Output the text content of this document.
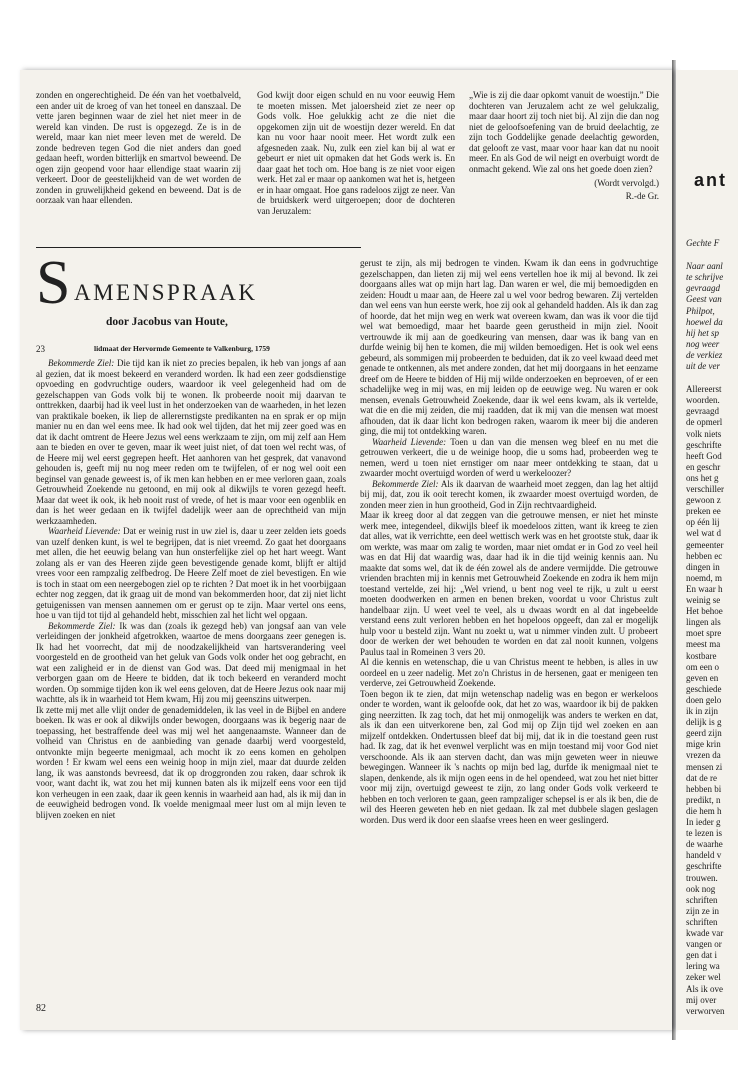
zonden en ongerechtigheid. De één van het voetbalveld, een ander uit de kroeg of van het toneel en danszaal. De vette jaren beginnen waar de ziel het niet meer in de wereld kan vinden. De rust is opgezegd. Ze is in de wereld, maar kan niet meer leven met de wereld. De zonde bedreven tegen God die niet anders dan goed gedaan heeft, worden bitterlijk en smartvol beweend. De ogen zijn geopend voor haar ellendige staat waarin zij verkeert. Door de geestelijkheid van de wet worden de zonden in gruwelijkheid gekend en beweend. Dat is de oorzaak van haar ellenden.

God kwijt door eigen schuld en nu voor eeuwig Hem te moeten missen. Met jaloersheid ziet ze neer op Gods volk. Hoe gelukkig acht ze die niet die opgekomen zijn uit de woestijn dezer wereld. En dat kan nu voor haar nooit meer. Het wordt zulk een afgesneden zaak. Nu, zulk een ziel kan bij al wat er gebeurt er niet uit opmaken dat het Gods werk is. En daar gaat het toch om. Hoe bang is ze niet voor eigen werk. Het zal er maar op aankomen wat het is, hetgeen er in haar omgaat. Hoe gans radeloos zijgt ze neer. Van de bruidskerk werd uitgeroepen; door de dochteren van Jeruzalem:

„Wie is zij die daar opkomt vanuit de woestijn.” Die dochteren van Jeruzalem acht ze wel gelukzalig, maar daar hoort zij toch niet bij. Al zijn die dan nog niet de geloofsoefening van de bruid deelachtig, ze zijn toch Goddelijke genade deelachtig geworden, dat gelooft ze vast, maar voor haar kan dat nu nooit meer. En als God de wil neigt en overbuigt wordt de onmacht gekend. Wie zal ons het goede doen zien?

(Wordt vervolgd.)

R.-de Gr.

S AMENSPRAAK
door Jacobus van Houte,
23	lidmaat der Hervormde Gemeente te Valkenburg, 1759

Bekommerde Ziel: Die tijd kan ik niet zo precies bepalen, ik heb van jongs af aan al gezien, dat ik moest bekeerd en veranderd worden. Ik had een zeer godsdienstige opvoeding en godvruchtige ouders, waardoor ik veel gelegenheid had om de gezelschappen van Gods volk bij te wonen. Ik probeerde nooit mij daarvan te onttrekken, daarbij had ik veel lust in het onderzoeken van de waarheden, in het lezen van praktikale boeken, ik liep de allerernstigste predikanten na en sprak er op mijn manier nu en dan wel eens mee. Ik had ook wel tijden, dat het mij zeer goed was en dat ik dacht omtrent de Heere Jezus wel eens werkzaam te zijn, om mij zelf aan Hem aan te bieden en over te geven, maar ik weet juist niet, of dat toen wel recht was, of de Heere mij wel eerst gegrepen heeft. Het aanhoren van het gesprek, dat vanavond gehouden is, geeft mij nu nog meer reden om te twijfelen, of er nog wel ooit een beginsel van genade geweest is, of ik men kan hebben en er mee verloren gaan, zoals Getrouwheid Zoekende nu getoond, en mij ook al dikwijls te voren gezegd heeft. Maar dat weet ik ook, ik heb nooit rust of vrede, of het is maar voor een ogenblik en dan is het weer gedaan en ik twijfel dadelijk weer aan de oprechtheid van mijn werkzaamheden.

Waarheid Lievende: Dat er weinig rust in uw ziel is, daar u zeer zelden iets goeds van uzelf denken kunt, is wel te begrijpen, dat is niet vreemd. Zo gaat het doorgaans met allen, die het eeuwig belang van hun onsterfelijke ziel op het hart weegt. Want zolang als er van des Heeren zijde geen bevestigende genade komt, blijft er altijd vrees voor een rampzalig zelfbedrog. De Heere Zelf moet de ziel bevestigen. En wie is toch in staat om een neergebogen ziel op te richten ? Dat moet ik in het voorbijgaan echter nog zeggen, dat ik graag uit de mond van bekommerden hoor, dat zij niet licht getuigenissen van mensen aannemen om er gerust op te zijn. Maar vertel ons eens, hoe u van tijd tot tijd al gehandeld hebt, misschien zal het licht wel opgaan.

Bekommerde Ziel: Ik was dan (zoals ik gezegd heb) van jongsaf aan van vele verleidingen der jonkheid afgetrokken, waartoe de mens doorgaans zeer genegen is. Ik had het voorrecht, dat mij de noodzakelijkheid van hartsverandering veel voorgesteld en de grootheid van het geluk van Gods volk onder het oog gebracht, en wat een zaligheid er in de dienst van God was. Dat deed mij menigmaal in het verborgen gaan om de Heere te bidden, dat ik toch bekeerd en veranderd mocht worden. Op sommige tijden kon ik wel eens geloven, dat de Heere Jezus ook naar mij wachtte, als ik in waarheid tot Hem kwam, Hij zou mij geenszins uitwerpen.

Ik zette mij met alle vlijt onder de genademiddelen, ik las veel in de Bijbel en andere boeken. Ik was er ook al dikwijls onder bewogen, doorgaans was ik begerig naar de toepassing, het bestraffende deel was mij wel het aangenaamste. Wanneer dan de volheid van Christus en de aanbieding van genade daarbij werd voorgesteld, ontvonkte mijn begeerte menigmaal, ach mocht ik zo eens komen en geholpen worden ! Er kwam wel eens een weinig hoop in mijn ziel, maar dat duurde zelden lang, ik was aanstonds bevreesd, dat ik op droggronden zou raken, daar schrok ik voor, want dacht ik, wat zou het mij kunnen baten als ik mijzelf eens voor een tijd kon verheugen in een zaak, daar ik geen kennis in waarheid aan had, als ik mij dan in de eeuwigheid bedrogen vond. Ik voelde menigmaal meer lust om al mijn leven te blijven zoeken en niet

gerust te zijn, als mij bedrogen te vinden. Kwam ik dan eens in godvruchtige gezelschappen, dan lieten zij mij wel eens vertellen hoe ik mij al bevond. Ik zei doorgaans alles wat op mijn hart lag. Dan waren er wel, die mij bemoedigden en zeiden: Houdt u maar aan, de Heere zal u wel voor bedrog bewaren. Zij vertelden dan wel eens van hun eerste werk, hoe zij ook al gehandeld hadden. Als ik dan zag of hoorde, dat het mijn weg en werk wat overeen kwam, dan was ik voor die tijd wel wat bemoedigd, maar het baarde geen gerustheid in mijn ziel. Nooit vertrouwde ik mij aan de goedkeuring van mensen, daar was ik bang van en durfde weinig bij hen te komen, die mij wilden bemoedigen. Het is ook wel eens gebeurd, als sommigen mij probeerden te beduiden, dat ik zo veel kwaad deed met genade te ontkennen, als met andere zonden, dat het mij doorgaans in het eenzame dreef om de Heere te bidden of Hij mij wilde onderzoeken en beproeven, of er een schadelijke weg in mij was, en mij leiden op de eeuwige weg. Nu waren er ook mensen, evenals Getrouwheid Zoekende, daar ik wel eens kwam, als ik vertelde, wat die en die mij zeiden, die mij raadden, dat ik mij van die mensen wat moest afhouden, dat ik daar licht kon bedrogen raken, waarom ik meer bij die anderen ging, die mij tot ontdekking waren.

Waarheid Lievende: Toen u dan van die mensen weg bleef en nu met die getrouwen verkeert, die u de weinige hoop, die u soms had, probeerden weg te nemen, werd u toen niet ernstiger om naar meer ontdekking te staan, dat u zwaarder mocht overtuigd worden of werd u werkeloozer?

Bekommerde Ziel: Als ik daarvan de waarheid moet zeggen, dan lag het altijd bij mij, dat, zou ik ooit terecht komen, ik zwaarder moest overtuigd worden, de zonden meer zien in hun grootheid, God in Zijn rechtvaardigheid.

Maar ik kreeg door al dat zeggen van die getrouwe mensen, er niet het minste werk mee, integendeel, dikwijls bleef ik moedeloos zitten, want ik kreeg te zien dat alles, wat ik verrichtte, een deel wettisch werk was en het grootste stuk, daar ik om werkte, was maar om zalig te worden, maar niet omdat er in God zo veel heil was en dat Hij dat waardig was, daar had ik in die tijd weinig kennis aan. Nu maakte dat soms wel, dat ik de één zowel als de andere vermijdde. Die getrouwe vrienden brachten mij in kennis met Getrouwheid Zoekende en zodra ik hem mijn toestand vertelde, zei hij: „Wel vriend, u bent nog veel te rijk, u zult u eerst moeten doodwerken en armen en benen breken, voordat u voor Christus zult handelbaar zijn. U weet veel te veel, als u dwaas wordt en al dat ingebeelde verstand eens zult verloren hebben en het hopeloos opgeeft, dan zal er mogelijk hulp voor u besteld zijn. Want nu zoekt u, wat u nimmer vinden zult. U probeert door de werken der wet behouden te worden en dat zal nooit kunnen, volgens Paulus taal in Romeinen 3 vers 20.

Al die kennis en wetenschap, die u van Christus meent te hebben, is alles in uw oordeel en u zeer nadelig. Met zo'n Christus in de hersenen, gaat er menigeen ten verderve, zei Getrouwheid Zoekende.

Toen begon ik te zien, dat mijn wetenschap nadelig was en begon er werkeloos onder te worden, want ik geloofde ook, dat het zo was, waardoor ik bij de pakken ging neerzitten. Ik zag toch, dat het mij onmogelijk was anders te werken en dat, als ik dan een uitverkorene ben, zal God mij op Zijn tijd wel zoeken en aan mijzelf ontdekken. Ondertussen bleef dat bij mij, dat ik in die toestand geen rust had. Ik zag, dat ik het evenwel verplicht was en mijn toestand mij voor God niet verschoonde. Als ik aan sterven dacht, dan was mijn geweten weer in nieuwe bewegingen. Wanneer ik 's nachts op mijn bed lag, durfde ik menigmaal niet te slapen, denkende, als ik mijn ogen eens in de hel opendeed, wat zou het niet bitter voor mij zijn, overtuigd geweest te zijn, zo lang onder Gods volk verkeerd te hebben en toch verloren te gaan, geen rampzaliger schepsel is er als ik ben, die de wil des Heeren geweten heb en niet gedaan. Ik zal met dubbele slagen geslagen worden. Dus werd ik door een slaafse vrees heen en weer geslingerd.

82
ant
Gechte F
Naar aanl
te schrijve
gevraagd
Geest van
Philpot,
hoewel da
hij het sp
nog weer
de verkiez
uit de ver
Allereerst
woorden.
gevraagd
de opmerl
volk niets
geschrifte
heeft God
en geschr
ons het g
verschiller
gewoon z
preken ee
op één lij
wel wat d
gemeenter
hebben ec
dingen in
noemd, m
En waar h
weinig se
Het behoe
lingen als
moet spre
meest ma
kostbare
om een o
geven en
geschiede
doen gelo
ik in zijn
delijk is g
geerd zijn
mige krin
vrezen da
mensen zi
dat de re
hebben bi
predikt, n
die hem h
In ieder g
te lezen is
de waarhe
handeld v
geschrifte
trouwen.
ook nog
schriften
zijn ze in
schriften
kwade var
vangen or
gen dat i
lering wa
zeker wel
Als ik ove
mij over
verworven
